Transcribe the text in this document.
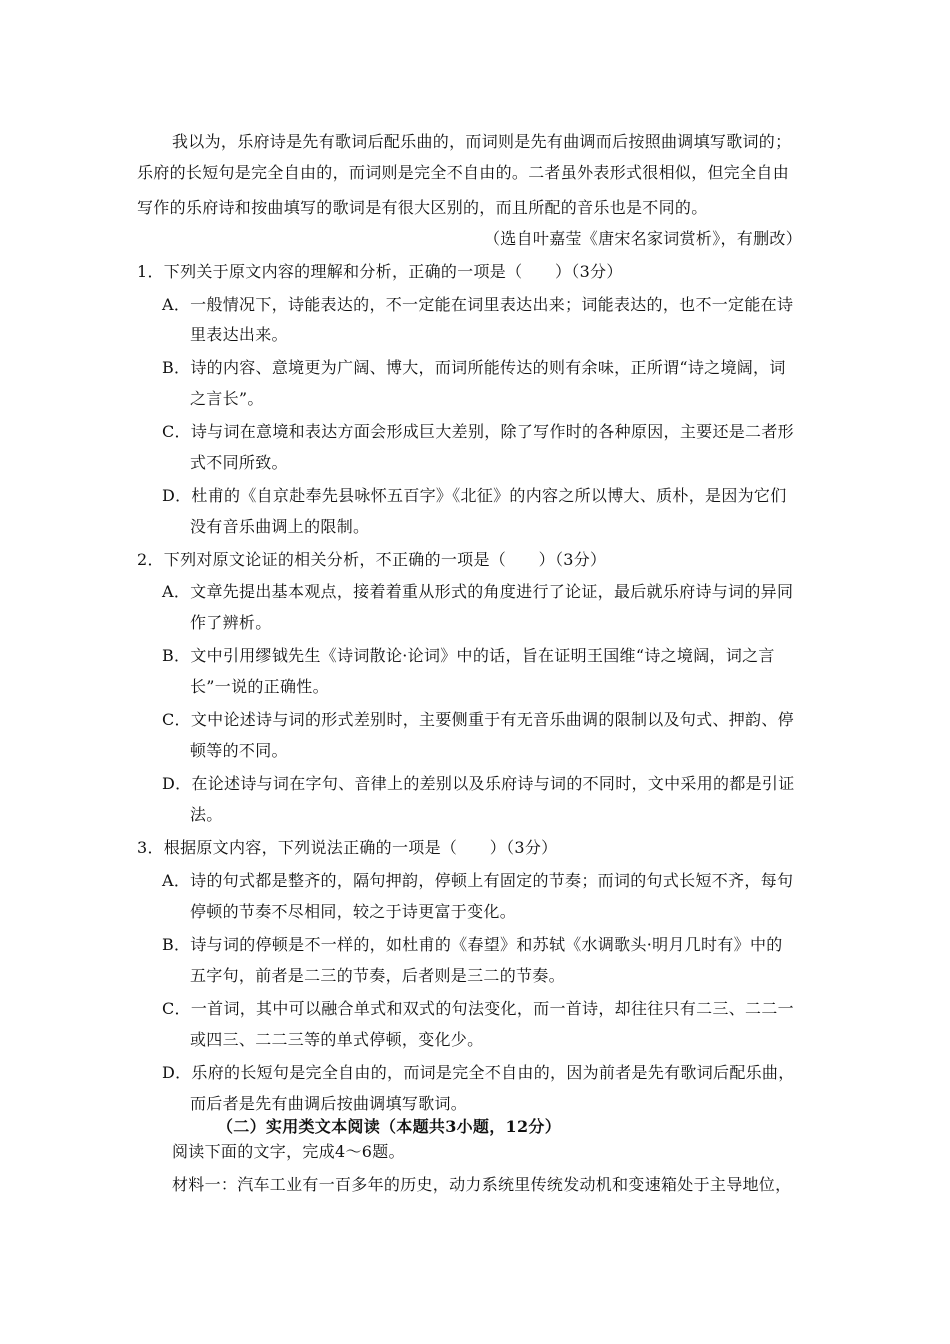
我以为，乐府诗是先有歌词后配乐曲的，而词则是先有曲调而后按照曲调填写歌词的；
乐府的长短句是完全自由的，而词则是完全不自由的。二者虽外表形式很相似，但完全自由
写作的乐府诗和按曲填写的歌词是有很大区别的，而且所配的音乐也是不同的。
（选自叶嘉莹《唐宋名家词赏析》，有删改）
1．下列关于原文内容的理解和分析，正确的一项是（　　）（3分）
A．一般情况下，诗能表达的，不一定能在词里表达出来；词能表达的，也不一定能在诗
里表达出来。
B．诗的内容、意境更为广阔、博大，而词所能传达的则有余味，正所谓“诗之境阔，词
之言长”。
C．诗与词在意境和表达方面会形成巨大差别，除了写作时的各种原因，主要还是二者形
式不同所致。
D．杜甫的《自京赴奉先县咏怀五百字》《北征》的内容之所以博大、质朴，是因为它们
没有音乐曲调上的限制。
2．下列对原文论证的相关分析，不正确的一项是（　　）（3分）
A．文章先提出基本观点，接着着重从形式的角度进行了论证，最后就乐府诗与词的异同
作了辨析。
B．文中引用缪钺先生《诗词散论·论词》中的话，旨在证明王国维“诗之境阔，词之言
长”一说的正确性。
C．文中论述诗与词的形式差别时，主要侧重于有无音乐曲调的限制以及句式、押韵、停
顿等的不同。
D．在论述诗与词在字句、音律上的差别以及乐府诗与词的不同时，文中采用的都是引证
法。
3．根据原文内容，下列说法正确的一项是（　　）（3分）
A．诗的句式都是整齐的，隔句押韵，停顿上有固定的节奏；而词的句式长短不齐，每句
停顿的节奏不尽相同，较之于诗更富于变化。
B．诗与词的停顿是不一样的，如杜甫的《春望》和苏轼《水调歌头·明月几时有》中的
五字句，前者是二三的节奏，后者则是三二的节奏。
C．一首词，其中可以融合单式和双式的句法变化，而一首诗，却往往只有二三、二二一
或四三、二二三等的单式停顿，变化少。
D．乐府的长短句是完全自由的，而词是完全不自由的，因为前者是先有歌词后配乐曲，
而后者是先有曲调后按曲调填写歌词。
（二）实用类文本阅读（本题共3小题，12分）
阅读下面的文字，完成4～6题。
材料一：汽车工业有一百多年的历史，动力系统里传统发动机和变速箱处于主导地位，
